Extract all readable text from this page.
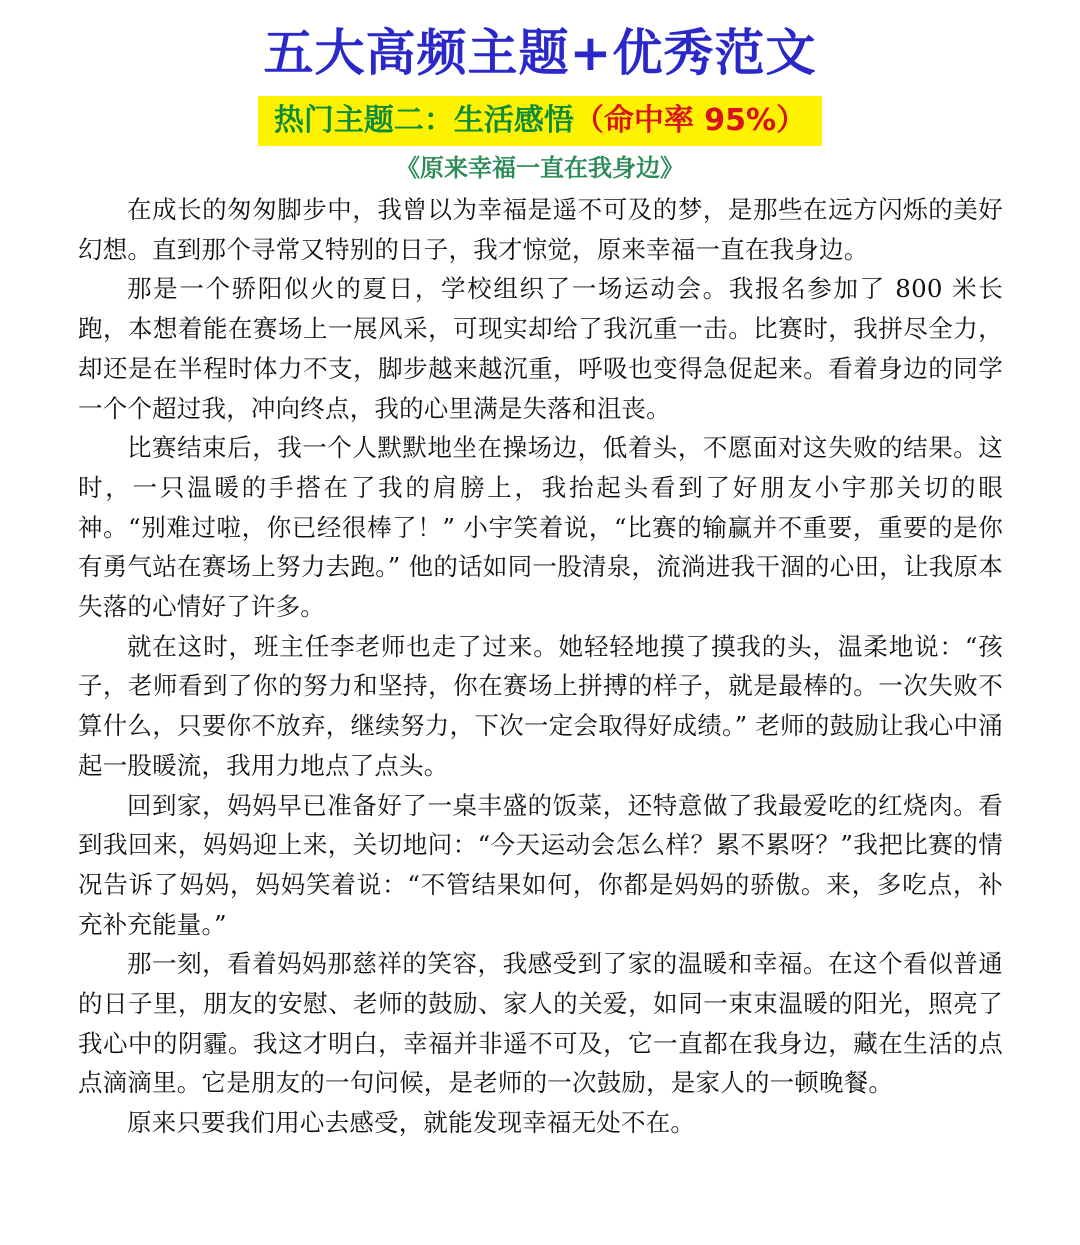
五大高频主题+优秀范文
热门主题二：生活感悟（命中率 95%）
《原来幸福一直在我身边》

在成长的匆匆脚步中，我曾以为幸福是遥不可及的梦，是那些在远方闪烁的美好幻想。直到那个寻常又特别的日子，我才惊觉，原来幸福一直在我身边。

那是一个骄阳似火的夏日，学校组织了一场运动会。我报名参加了 800 米长跑，本想着能在赛场上一展风采，可现实却给了我沉重一击。比赛时，我拼尽全力，却还是在半程时体力不支，脚步越来越沉重，呼吸也变得急促起来。看着身边的同学一个个超过我，冲向终点，我的心里满是失落和沮丧。

比赛结束后，我一个人默默地坐在操场边，低着头，不愿面对这失败的结果。这时，一只温暖的手搭在了我的肩膀上，我抬起头看到了好朋友小宇那关切的眼神。“别难过啦，你已经很棒了！” 小宇笑着说，“比赛的输赢并不重要，重要的是你有勇气站在赛场上努力去跑。” 他的话如同一股清泉，流淌进我干涸的心田，让我原本失落的心情好了许多。

就在这时，班主任李老师也走了过来。她轻轻地摸了摸我的头，温柔地说：“孩子，老师看到了你的努力和坚持，你在赛场上拼搏的样子，就是最棒的。一次失败不算什么，只要你不放弃，继续努力，下次一定会取得好成绩。” 老师的鼓励让我心中涌起一股暖流，我用力地点了点头。

回到家，妈妈早已准备好了一桌丰盛的饭菜，还特意做了我最爱吃的红烧肉。看到我回来，妈妈迎上来，关切地问：“今天运动会怎么样？累不累呀？”我把比赛的情况告诉了妈妈，妈妈笑着说：“不管结果如何，你都是妈妈的骄傲。来，多吃点，补充补充能量。”

那一刻，看着妈妈那慈祥的笑容，我感受到了家的温暖和幸福。在这个看似普通的日子里，朋友的安慰、老师的鼓励、家人的关爱，如同一束束温暖的阳光，照亮了我心中的阴霾。我这才明白，幸福并非遥不可及，它一直都在我身边，藏在生活的点点滴滴里。它是朋友的一句问候，是老师的一次鼓励，是家人的一顿晚餐。

原来只要我们用心去感受，就能发现幸福无处不在。
